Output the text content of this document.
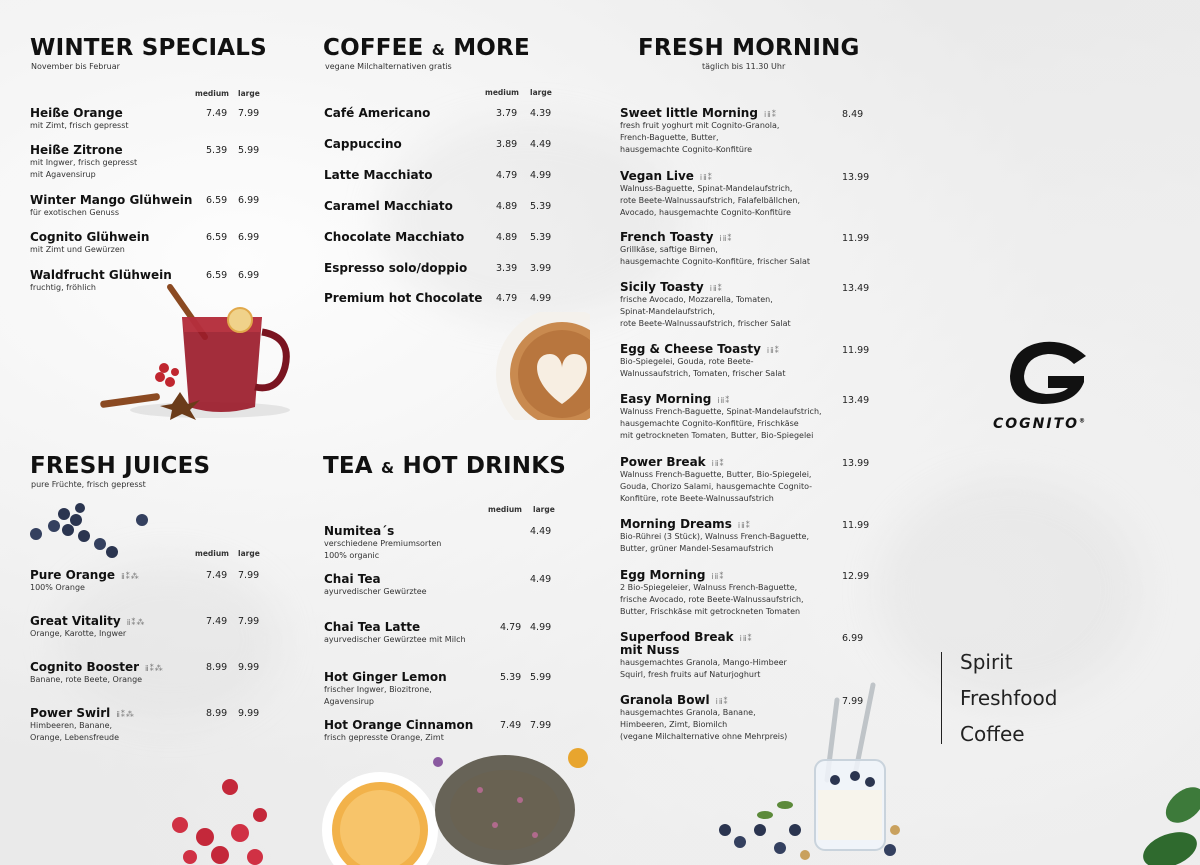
WINTER SPECIALS
November bis Februar
medium large
Heiße Orange
mit Zimt, frisch gepresst
7.49 7.99
Heiße Zitrone
mit Ingwer, frisch gepresst
mit Agavensirup
5.39 5.99
Winter Mango Glühwein
für exotischen Genuss
6.59 6.99
Cognito Glühwein
mit Zimt und Gewürzen
6.59 6.99
Waldfrucht Glühwein
fruchtig, fröhlich
6.59 6.99
COFFEE & MORE
vegane Milchalternativen gratis
medium large
Café Americano	3.79 4.39
Cappuccino	3.89 4.49
Latte Macchiato	4.79 4.99
Caramel Macchiato	4.89 5.39
Chocolate Macchiato	4.89 5.39
Espresso solo/doppio	3.39 3.99
Premium hot Chocolate 4.79 4.99
FRESH MORNING
täglich bis 11.30 Uhr
Sweet little Morning ⅰⅱ⁑
fresh fruit yoghurt mit Cognito-Granola,
French-Baguette, Butter,
hausgemachte Cognito-Konfitüre
8.49
Vegan Live ⅰⅱ⁑
Walnuss-Baguette, Spinat-Mandelaufstrich,
rote Beete-Walnussaufstrich, Falafelbällchen,
Avocado, hausgemachte Cognito-Konfitüre
13.99
French Toasty ⅰⅱ⁑
Grillkäse, saftige Birnen,
hausgemachte Cognito-Konfitüre, frischer Salat
11.99
Sicily Toasty ⅰⅱ⁑
frische Avocado, Mozzarella, Tomaten,
Spinat-Mandelaufstrich,
rote Beete-Walnussaufstrich, frischer Salat
13.49
Egg & Cheese Toasty ⅰⅱ⁑
Bio-Spiegelei, Gouda, rote Beete-
Walnussaufstrich, Tomaten, frischer Salat
11.99
Easy Morning ⅰⅱ⁑
Walnuss French-Baguette, Spinat-Mandelaufstrich,
hausgemachte Cognito-Konfitüre, Frischkäse
mit getrockneten Tomaten, Butter, Bio-Spiegelei
13.49
Power Break ⅰⅱ⁑
Walnuss French-Baguette, Butter, Bio-Spiegelei,
Gouda, Chorizo Salami, hausgemachte Cognito-
Konfitüre, rote Beete-Walnussaufstrich
13.99
Morning Dreams ⅰⅱ⁑
Bio-Rührei (3 Stück), Walnuss French-Baguette,
Butter, grüner Mandel-Sesamaufstrich
11.99
Egg Morning ⅰⅱ⁑
2 Bio-Spiegeleier, Walnuss French-Baguette,
frische Avocado, rote Beete-Walnussaufstrich,
Butter, Frischkäse mit getrockneten Tomaten
12.99
Superfood Break ⅰⅱ⁑
mit Nuss
hausgemachtes Granola, Mango-Himbeer
Squirl, fresh fruits auf Naturjoghurt
6.99
Granola Bowl ⅰⅱ⁑
hausgemachtes Granola, Banane,
Himbeeren, Zimt, Biomilch
(vegane Milchalternative ohne Mehrpreis)
7.99
FRESH JUICES
pure Früchte, frisch gepresst
medium large
Pure Orange ⅱ⁑⁂
100% Orange
7.49 7.99
Great Vitality ⅱ⁑⁂
Orange, Karotte, Ingwer
7.49 7.99
Cognito Booster ⅱ⁑⁂
Banane, rote Beete, Orange
8.99 9.99
Power Swirl ⅱ⁑⁂
Himbeeren, Banane,
Orange, Lebensfreude
8.99 9.99
TEA & HOT DRINKS
medium large
Numitea´s
verschiedene Premiumsorten
100% organic
4.49
Chai Tea
ayurvedischer Gewürztee
4.49
Chai Tea Latte
ayurvedischer Gewürztee mit Milch
4.79 4.99
Hot Ginger Lemon
frischer Ingwer, Biozitrone,
Agavensirup
5.39 5.99
Hot Orange Cinnamon
frisch gepresste Orange, Zimt
7.49 7.99
COGNITO®
Spirit
Freshfood
Coffee
